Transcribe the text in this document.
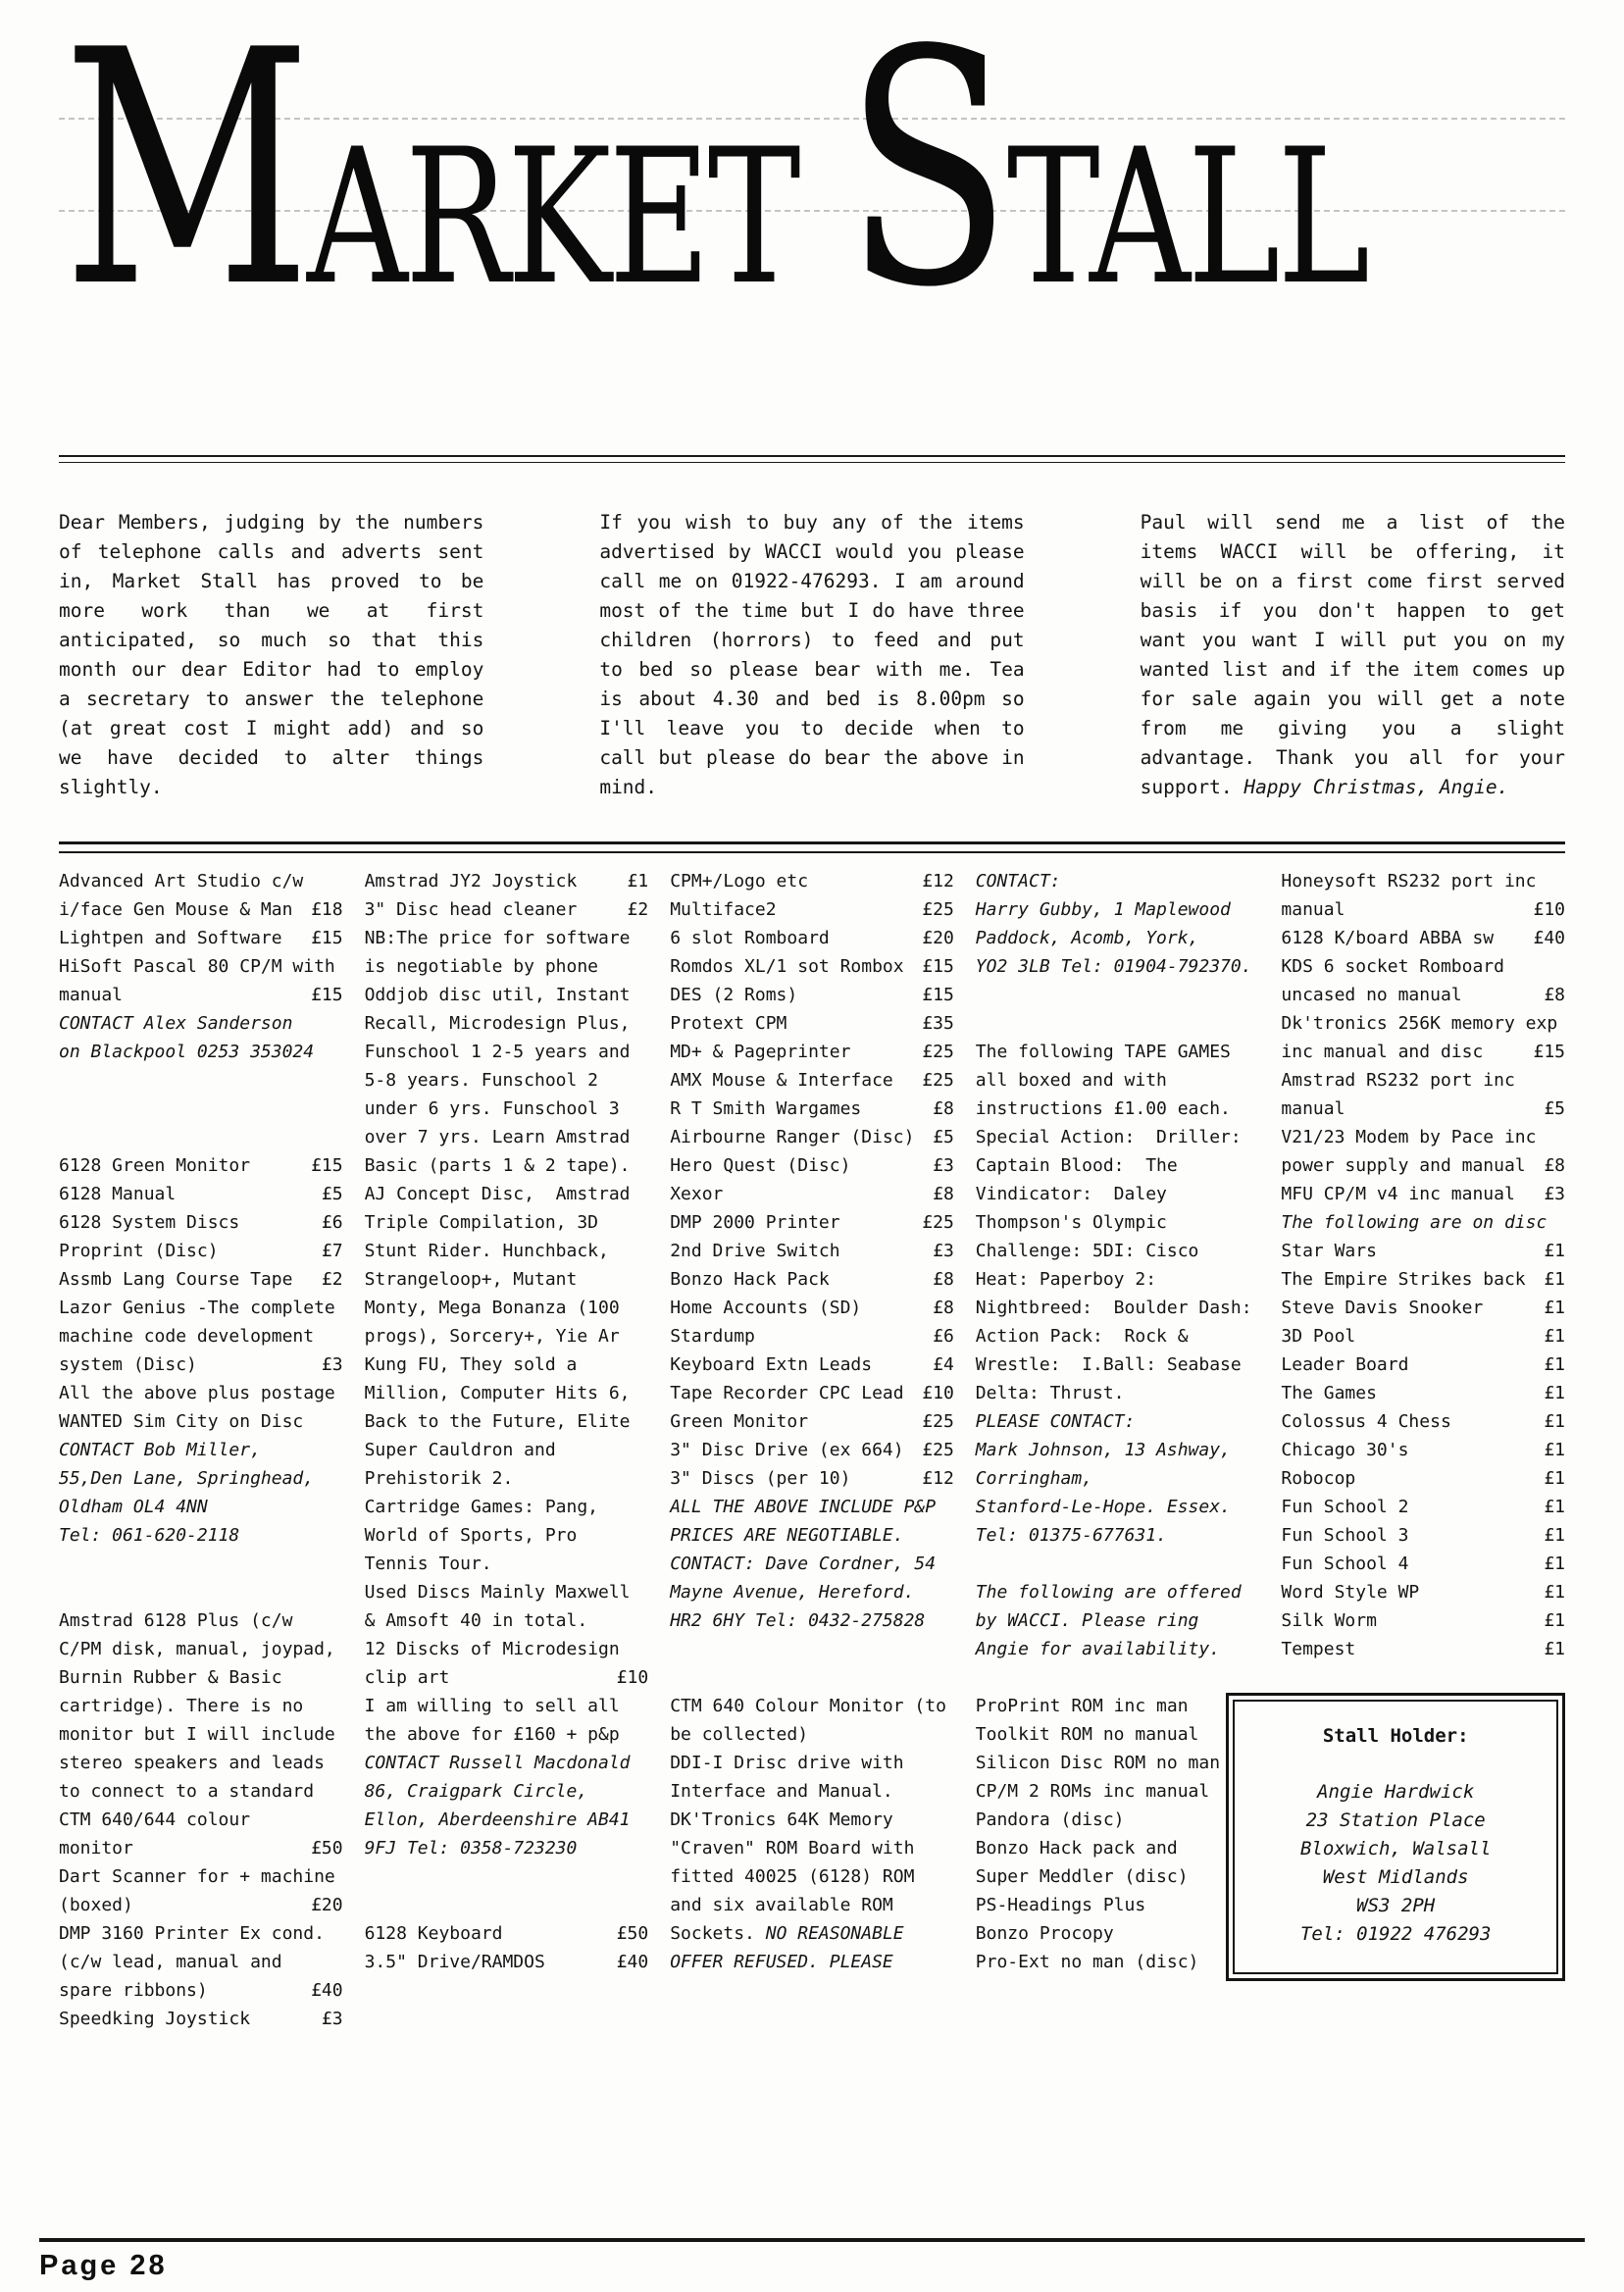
M ARKET S TALL
Dear Members, judging by the numbers of telephone calls and adverts sent in, Market Stall has proved to be more work than we at first anticipated, so much so that this month our dear Editor had to employ a secretary to answer the telephone (at great cost I might add) and so we have decided to alter things slightly.
If you wish to buy any of the items advertised by WACCI would you please call me on 01922-476293. I am around most of the time but I do have three children (horrors) to feed and put to bed so please bear with me. Tea is about 4.30 and bed is 8.00pm so I'll leave you to decide when to call but please do bear the above in mind.
Paul will send me a list of the items WACCI will be offering, it will be on a first come first served basis if you don't happen to get want you want I will put you on my wanted list and if the item comes up for sale again you will get a note from me giving you a slight advantage. Thank you all for your support. Happy Christmas, Angie.
Advanced Art Studio c/w
i/face Gen Mouse & Man £18
Lightpen and Software £15
HiSoft Pascal 80 CP/M with
manual	£15
CONTACT Alex Sanderson
on Blackpool 0253 353024
6128 Green Monitor	£15
6128 Manual	£5
6128 System Discs	£6
Proprint (Disc)	£7
Assmb Lang Course Tape £2
Lazor Genius -The complete
machine code development
system (Disc)	£3
All the above plus postage
WANTED Sim City on Disc
CONTACT Bob Miller,
55,Den Lane, Springhead,
Oldham OL4 4NN
Tel: 061-620-2118
Amstrad 6128 Plus (c/w
C/PM disk, manual, joypad,
Burnin Rubber & Basic
cartridge). There is no
monitor but I will include
stereo speakers and leads
to connect to a standard
CTM 640/644 colour
monitor	£50
Dart Scanner for + machine
(boxed)	£20
DMP 3160 Printer Ex cond.
(c/w lead, manual and
spare ribbons)	£40
Speedking Joystick	£3
Amstrad JY2 Joystick	£1
3" Disc head cleaner	£2
NB:The price for software
is negotiable by phone
Oddjob disc util, Instant
Recall, Microdesign Plus,
Funschool 1 2-5 years and
5-8 years. Funschool 2
under 6 yrs. Funschool 3
over 7 yrs. Learn Amstrad
Basic (parts 1 & 2 tape).
AJ Concept Disc,  Amstrad
Triple Compilation, 3D
Stunt Rider. Hunchback,
Strangeloop+, Mutant
Monty, Mega Bonanza (100
progs), Sorcery+, Yie Ar
Kung FU, They sold a
Million, Computer Hits 6,
Back to the Future, Elite
Super Cauldron and
Prehistorik 2.
Cartridge Games: Pang,
World of Sports, Pro
Tennis Tour.
Used Discs Mainly Maxwell
& Amsoft 40 in total.
12 Discks of Microdesign
clip art	£10
I am willing to sell all
the above for £160 + p&p
CONTACT Russell Macdonald
86, Craigpark Circle,
Ellon, Aberdeenshire AB41
9FJ Tel: 0358-723230
6128 Keyboard	£50
3.5" Drive/RAMDOS	£40
CPM+/Logo etc	£12
Multiface2	£25
6 slot Romboard	£20
Romdos XL/1 sot Rombox £15
DES (2 Roms)	£15
Protext CPM	£35
MD+ & Pageprinter	£25
AMX Mouse & Interface £25
R T Smith Wargames	£8
Airbourne Ranger (Disc) £5
Hero Quest (Disc)	£3
Xexor	£8
DMP 2000 Printer	£25
2nd Drive Switch	£3
Bonzo Hack Pack	£8
Home Accounts (SD)	£8
Stardump	£6
Keyboard Extn Leads	£4
Tape Recorder CPC Lead £10
Green Monitor	£25
3" Disc Drive (ex 664) £25
3" Discs (per 10)	£12
ALL THE ABOVE INCLUDE P&P
PRICES ARE NEGOTIABLE.
CONTACT: Dave Cordner, 54
Mayne Avenue, Hereford.
HR2 6HY Tel: 0432-275828
CTM 640 Colour Monitor (to
be collected)
DDI-I Drisc drive with
Interface and Manual.
DK'Tronics 64K Memory
"Craven" ROM Board with
fitted 40025 (6128) ROM
and six available ROM
Sockets. NO REASONABLE
OFFER REFUSED. PLEASE
CONTACT:
Harry Gubby, 1 Maplewood
Paddock, Acomb, York,
YO2 3LB Tel: 01904-792370.
The following TAPE GAMES
all boxed and with
instructions £1.00 each.
Special Action:  Driller:
Captain Blood:  The
Vindicator:  Daley
Thompson's Olympic
Challenge: 5DI: Cisco
Heat: Paperboy 2:
Nightbreed:  Boulder Dash:
Action Pack:  Rock &
Wrestle:  I.Ball: Seabase
Delta: Thrust.
PLEASE CONTACT:
Mark Johnson, 13 Ashway,
Corringham,
Stanford-Le-Hope. Essex.
Tel: 01375-677631.
The following are offered
by WACCI. Please ring
Angie for availability.
ProPrint ROM inc man
Toolkit ROM no manual
Silicon Disc ROM no man
CP/M 2 ROMs inc manual
Pandora (disc)
Bonzo Hack pack and
Super Meddler (disc)
PS-Headings Plus
Bonzo Procopy
Pro-Ext no man (disc)
Honeysoft RS232 port inc
manual	£10
6128 K/board ABBA sw £40
KDS 6 socket Romboard
uncased no manual	£8
Dk'tronics 256K memory exp
inc manual and disc	£15
Amstrad RS232 port inc
manual	£5
V21/23 Modem by Pace inc
power supply and manual £8
MFU CP/M v4 inc manual £3
The following are on disc
Star Wars	£1
The Empire Strikes back £1
Steve Davis Snooker	£1
3D Pool	£1
Leader Board	£1
The Games	£1
Colossus 4 Chess	£1
Chicago 30's	£1
Robocop	£1
Fun School 2	£1
Fun School 3	£1
Fun School 4	£1
Word Style WP	£1
Silk Worm	£1
Tempest	£1
Stall Holder:
Angie Hardwick
23 Station Place
Bloxwich, Walsall
West Midlands
WS3 2PH
Tel: 01922 476293
Page 28
